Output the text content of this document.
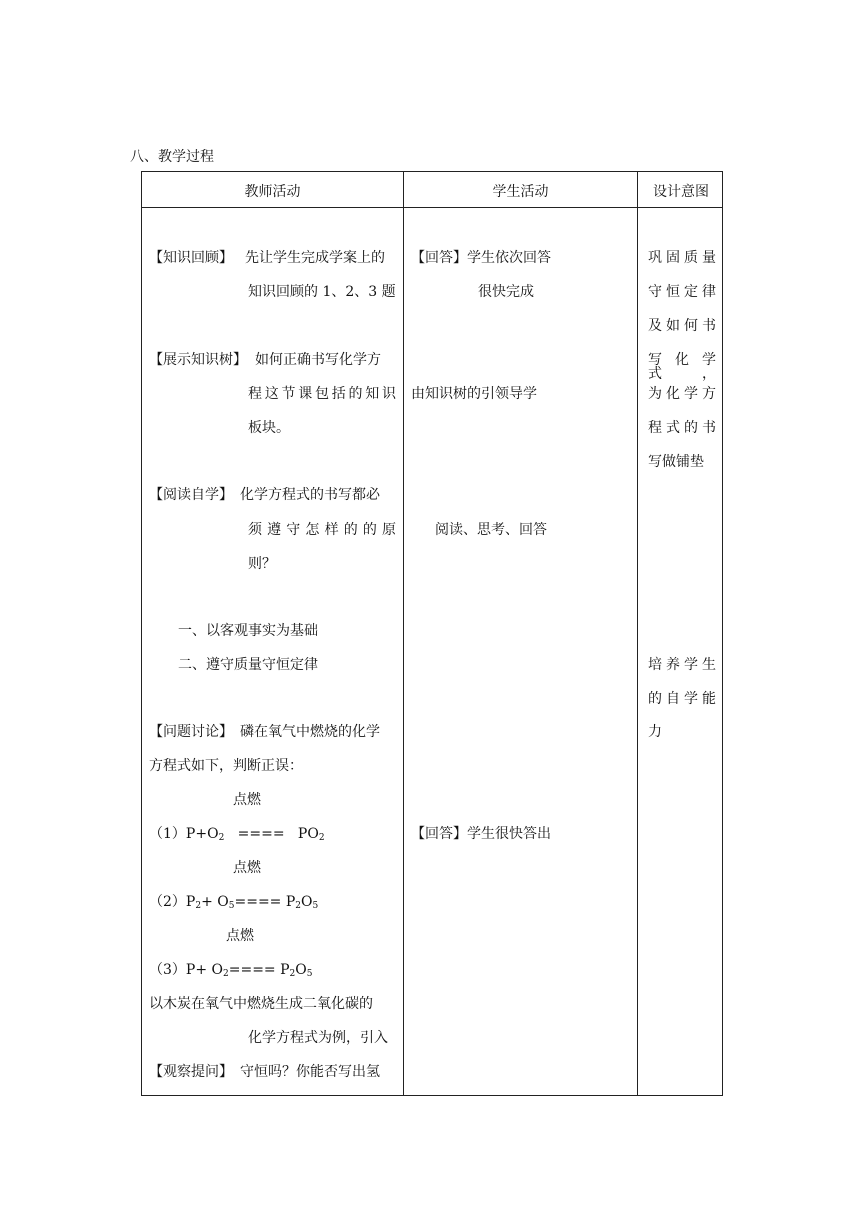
八、教学过程
教师活动	学生活动	设计意图
【知识回顾】 先让学生完成学案上的
知识回顾的 1、2、3 题
【展示知识树】 如何正确书写化学方
程这节课包括的知识
板块。
【阅读自学】 化学方程式的书写都必
须遵守怎样的的原
则？
一、以客观事实为基础
二、遵守质量守恒定律
【问题讨论】 磷在氧气中燃烧的化学
方程式如下，判断正误：
点燃
$(1)P+O_2$ ====   $PO_2$
点燃
$(2)P_2+ O_5==== P_2O_5$
点燃
$(3)P+ O_2==== P_2O_5$
以木炭在氧气中燃烧生成二氧化碳的
化学方程式为例，引入
【观察提问】 守恒吗？你能否写出氢
【回答】 学生依次回答
很快完成
由知识树的引领导学
阅读、思考、回答
【回答】 学生很快答出
巩固质量
守恒定律
及如何书
写化学式，
为化学方
程式的书
写做铺垫
培养学生
的自学能
力
